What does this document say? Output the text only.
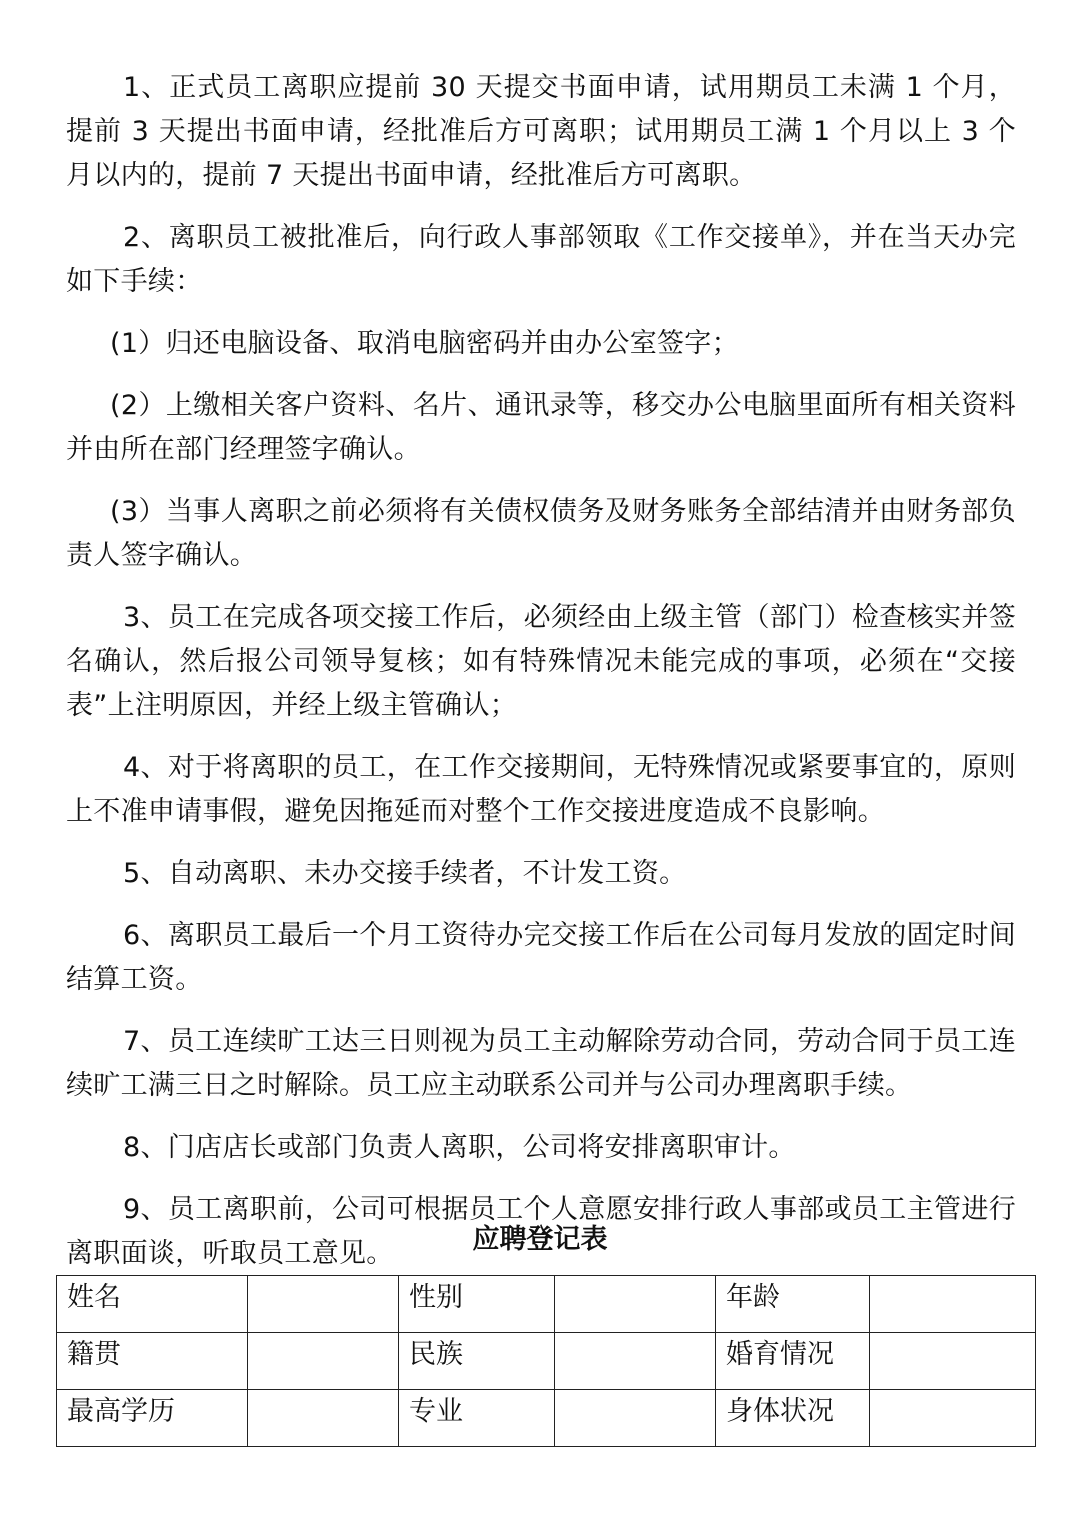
1、正式员工离职应提前 30 天提交书面申请，试用期员工未满 1 个月，提前 3 天提出书面申请，经批准后方可离职；试用期员工满 1 个月以上 3 个月以内的，提前 7 天提出书面申请，经批准后方可离职。

2、离职员工被批准后，向行政人事部领取《工作交接单》，并在当天办完如下手续：

(1）归还电脑设备、取消电脑密码并由办公室签字；

(2）上缴相关客户资料、名片、通讯录等，移交办公电脑里面所有相关资料并由所在部门经理签字确认。

(3）当事人离职之前必须将有关债权债务及财务账务全部结清并由财务部负责人签字确认。

3、员工在完成各项交接工作后，必须经由上级主管（部门）检查核实并签名确认，然后报公司领导复核；如有特殊情况未能完成的事项，必须在“交接表”上注明原因，并经上级主管确认；

4、对于将离职的员工，在工作交接期间，无特殊情况或紧要事宜的，原则上不准申请事假，避免因拖延而对整个工作交接进度造成不良影响。

5、自动离职、未办交接手续者，不计发工资。

6、离职员工最后一个月工资待办完交接工作后在公司每月发放的固定时间结算工资。

7、员工连续旷工达三日则视为员工主动解除劳动合同，劳动合同于员工连续旷工满三日之时解除。员工应主动联系公司并与公司办理离职手续。

8、门店店长或部门负责人离职，公司将安排离职审计。

9、员工离职前，公司可根据员工个人意愿安排行政人事部或员工主管进行离职面谈，听取员工意见。	应聘登记表
姓名		性别		年龄	
籍贯		民族		婚育情况	
最高学历		专业		身体状况	
